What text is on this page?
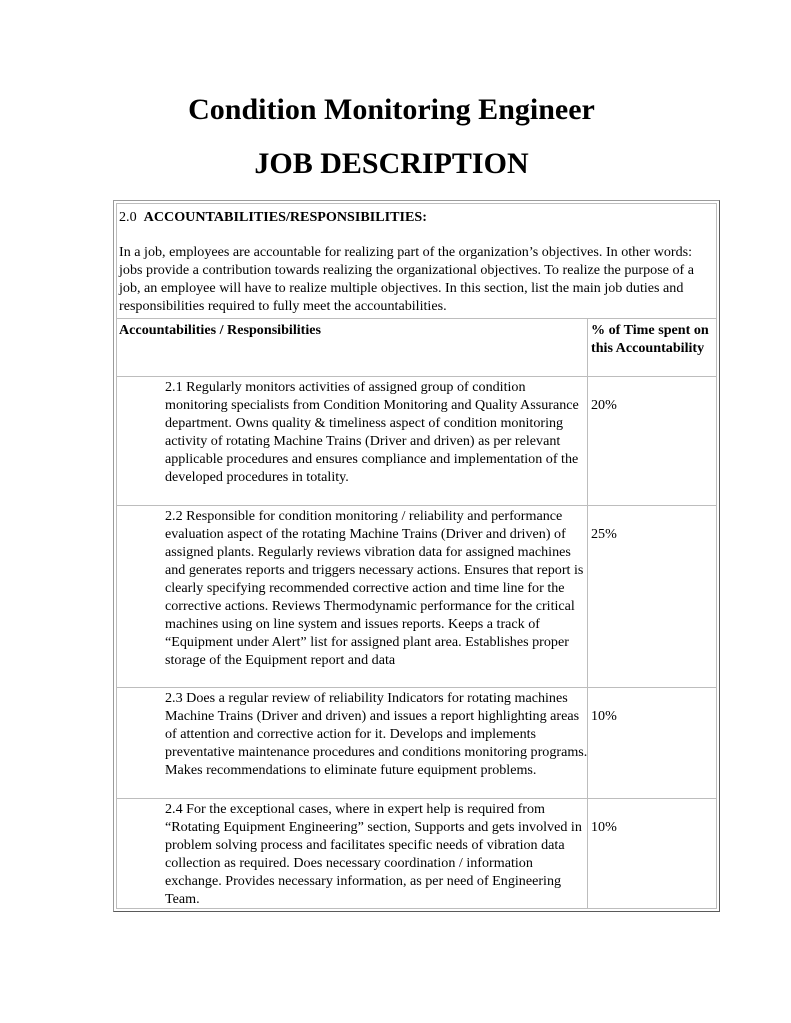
Condition Monitoring Engineer
JOB DESCRIPTION

2.0 ACCOUNTABILITIES/RESPONSIBILITIES:

In a job, employees are accountable for realizing part of the organization’s objectives. In other words: jobs provide a contribution towards realizing the organizational objectives. To realize the purpose of a job, an employee will have to realize multiple objectives. In this section, list the main job duties and responsibilities required to fully meet the accountabilities.

Accountabilities / Responsibilities	% of Time spent on this Accountability
2.1 Regularly monitors activities of assigned group of condition monitoring specialists from Condition Monitoring and Quality Assurance department. Owns quality & timeliness aspect of condition monitoring activity of rotating Machine Trains (Driver and driven) as per relevant applicable procedures and ensures compliance and implementation of the developed procedures in totality.
20%
2.2 Responsible for condition monitoring / reliability and performance evaluation aspect of the rotating Machine Trains (Driver and driven) of assigned plants. Regularly reviews vibration data for assigned machines and generates reports and triggers necessary actions. Ensures that report is clearly specifying recommended corrective action and time line for the corrective actions. Reviews Thermodynamic performance for the critical machines using on line system and issues reports. Keeps a track of “Equipment under Alert” list for assigned plant area. Establishes proper storage of the Equipment report and data
25%
2.3 Does a regular review of reliability Indicators for rotating machines Machine Trains (Driver and driven) and issues a report highlighting areas of attention and corrective action for it. Develops and implements preventative maintenance procedures and conditions monitoring programs. Makes recommendations to eliminate future equipment problems.
10%
2.4 For the exceptional cases, where in expert help is required from “Rotating Equipment Engineering” section, Supports and gets involved in problem solving process and facilitates specific needs of vibration data collection as required. Does necessary coordination / information exchange. Provides necessary information, as per need of Engineering Team.
10%
